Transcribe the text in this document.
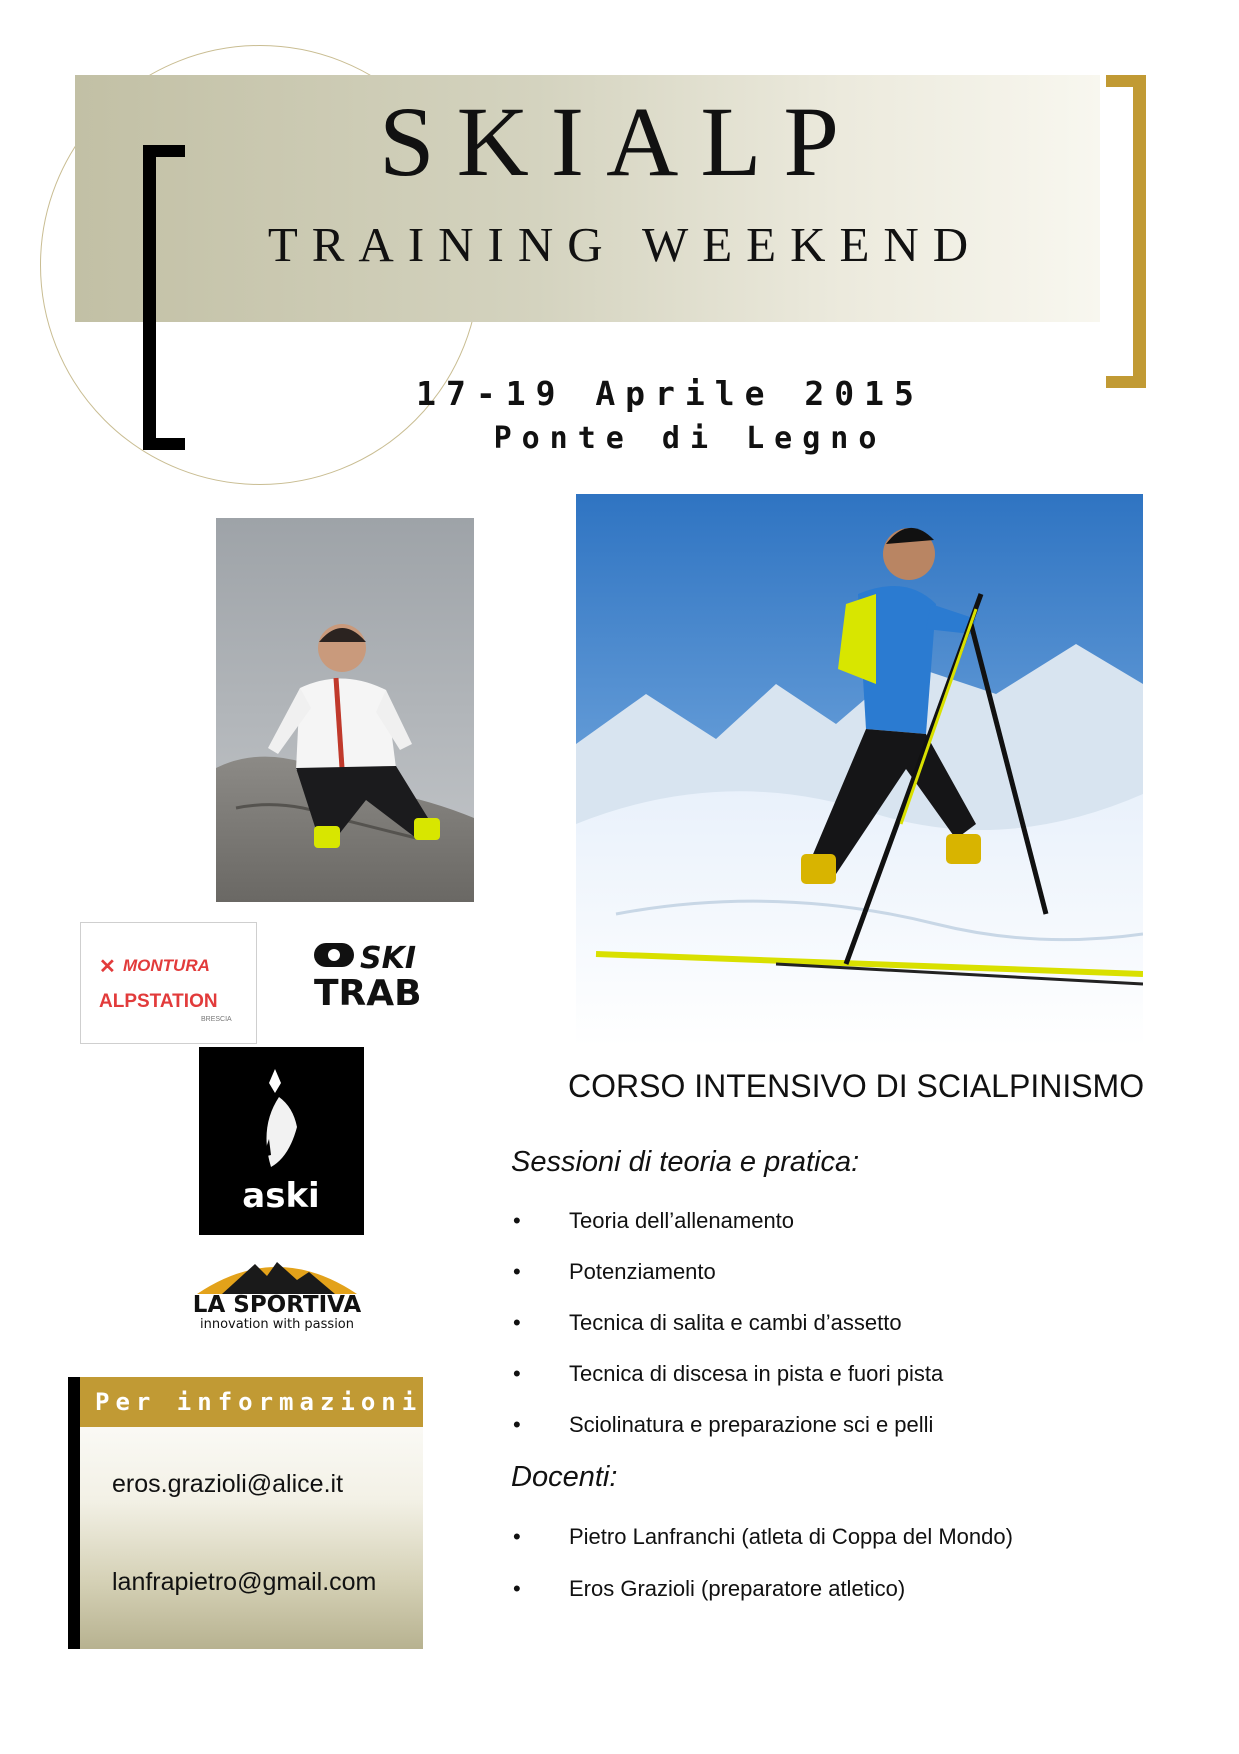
SKIALP
TRAINING WEEKEND
17-19 Aprile 2015
Ponte di Legno
✕ MONTURA
ALPSTATION
BRESCIA
SKI
TRAB
aski
LA SPORTIVA
innovation with passion
CORSO INTENSIVO DI SCIALPINISMO
Sessioni di teoria e pratica:
• Teoria dell’allenamento
• Potenziamento
• Tecnica di salita e cambi d’assetto
• Tecnica di discesa in pista e fuori pista
• Sciolinatura e preparazione sci e pelli
Docenti:
• Pietro Lanfranchi (atleta di Coppa del Mondo)
• Eros Grazioli (preparatore atletico)
Per informazioni
eros.grazioli@alice.it
lanfrapietro@gmail.com
